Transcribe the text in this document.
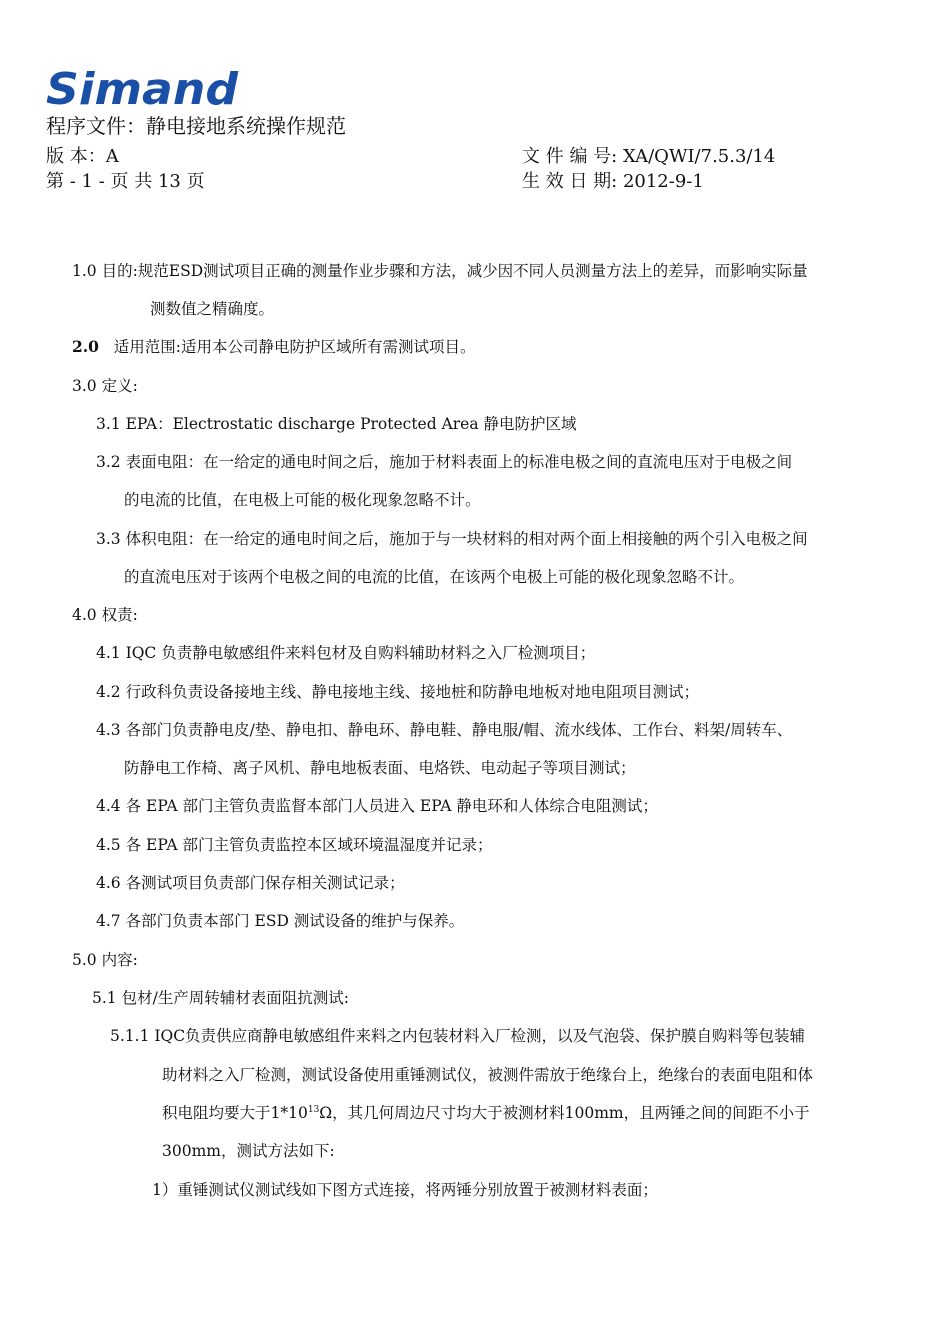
Simand
程序文件：静电接地系统操作规范
版 本：A
第 - 1 - 页 共 13 页
文 件 编 号: XA/QWI/7.5.3/14
生 效 日 期: 2012-9-1
1.0 目的:规范ESD测试项目正确的测量作业步骤和方法，减少因不同人员测量方法上的差异，而影响实际量
测数值之精确度。
2.0 适用范围:适用本公司静电防护区域所有需测试项目。
3.0 定义:
3.1 EPA：Electrostatic discharge Protected Area 静电防护区域
3.2 表面电阻：在一给定的通电时间之后，施加于材料表面上的标准电极之间的直流电压对于电极之间
的电流的比值，在电极上可能的极化现象忽略不计。
3.3 体积电阻：在一给定的通电时间之后，施加于与一块材料的相对两个面上相接触的两个引入电极之间
的直流电压对于该两个电极之间的电流的比值，在该两个电极上可能的极化现象忽略不计。
4.0 权责:
4.1 IQC 负责静电敏感组件来料包材及自购料辅助材料之入厂检测项目；
4.2 行政科负责设备接地主线、静电接地主线、接地桩和防静电地板对地电阻项目测试；
4.3 各部门负责静电皮/垫、静电扣、静电环、静电鞋、静电服/帽、流水线体、工作台、料架/周转车、
防静电工作椅、离子风机、静电地板表面、电烙铁、电动起子等项目测试；
4.4 各 EPA 部门主管负责监督本部门人员进入 EPA 静电环和人体综合电阻测试；
4.5 各 EPA 部门主管负责监控本区域环境温湿度并记录；
4.6 各测试项目负责部门保存相关测试记录；
4.7 各部门负责本部门 ESD 测试设备的维护与保养。
5.0 内容:
5.1 包材/生产周转辅材表面阻抗测试:
5.1.1 IQC负责供应商静电敏感组件来料之内包装材料入厂检测，以及气泡袋、保护膜自购料等包装辅
助材料之入厂检测，测试设备使用重锤测试仪，被测件需放于绝缘台上，绝缘台的表面电阻和体
积电阻均要大于$1*10^{13}\Omega$，其几何周边尺寸均大于被测材料100mm，且两锤之间的间距不小于
300mm，测试方法如下:
1）重锤测试仪测试线如下图方式连接，将两锤分别放置于被测材料表面；
